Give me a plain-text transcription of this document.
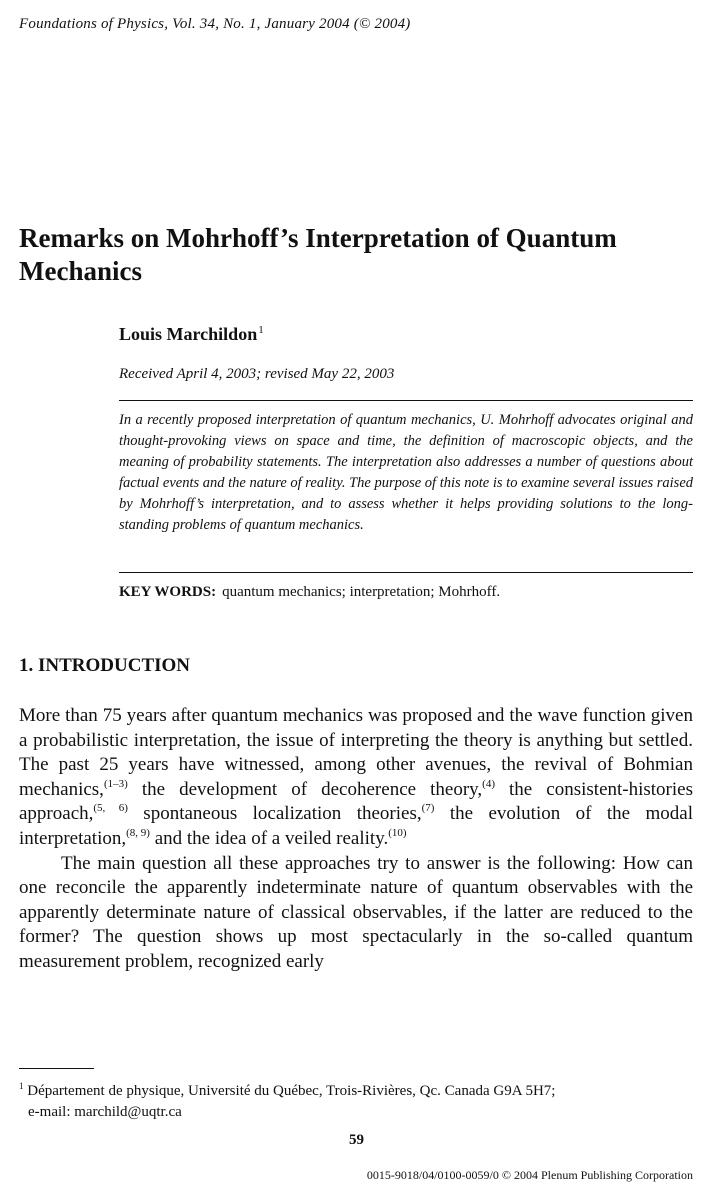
Foundations of Physics, Vol. 34, No. 1, January 2004 (© 2004)
Remarks on Mohrhoff’s Interpretation of Quantum Mechanics
Louis Marchildon$^1$
Received April 4, 2003; revised May 22, 2003
In a recently proposed interpretation of quantum mechanics, U. Mohrhoff advocates original and thought-provoking views on space and time, the definition of macroscopic objects, and the meaning of probability statements. The interpretation also addresses a number of questions about factual events and the nature of reality. The purpose of this note is to examine several issues raised by Mohrhoff’s interpretation, and to assess whether it helps providing solutions to the long-standing problems of quantum mechanics.
KEY WORDS: quantum mechanics; interpretation; Mohrhoff.
1. INTRODUCTION

More than 75 years after quantum mechanics was proposed and the wave function given a probabilistic interpretation, the issue of interpreting the theory is anything but settled. The past 25 years have witnessed, among other avenues, the revival of Bohmian mechanics,$^{(1-3)}$ the development of decoherence theory,$^{(4)}$ the consistent-histories approach,$^{(5, 6)}$ spontaneous localization theories,$^{(7)}$ the evolution of the modal interpretation,$^{(8, 9)}$ and the idea of a veiled reality.$^{(10)}$

The main question all these approaches try to answer is the following: How can one reconcile the apparently indeterminate nature of quantum observables with the apparently determinate nature of classical observables, if the latter are reduced to the former? The question shows up most spectacularly in the so-called quantum measurement problem, recognized early

$^1$ Département de physique, Université du Québec, Trois-Rivières, Qc. Canada G9A 5H7;
e-mail: marchild@uqtr.ca
59
0015-9018/04/0100-0059/0 © 2004 Plenum Publishing Corporation
